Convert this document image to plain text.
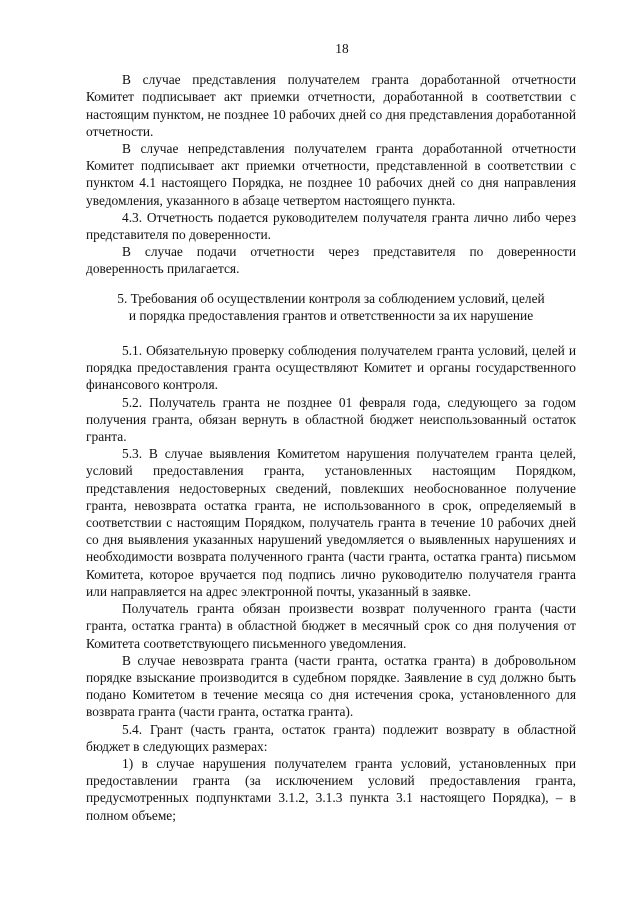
18

В случае представления получателем гранта доработанной отчетности Комитет подписывает акт приемки отчетности, доработанной в соответствии с настоящим пунктом, не позднее 10 рабочих дней со дня представления доработанной отчетности.

В случае непредставления получателем гранта доработанной отчетности Комитет подписывает акт приемки отчетности, представленной в соответствии с пунктом 4.1 настоящего Порядка, не позднее 10 рабочих дней со дня направления уведомления, указанного в абзаце четвертом настоящего пункта.

4.3. Отчетность подается руководителем получателя гранта лично либо через представителя по доверенности.

В случае подачи отчетности через представителя по доверенности доверенность прилагается.

5. Требования об осуществлении контроля за соблюдением условий, целей
и порядка предоставления грантов и ответственности за их нарушение

5.1. Обязательную проверку соблюдения получателем гранта условий, целей и порядка предоставления гранта осуществляют Комитет и органы государственного финансового контроля.

5.2. Получатель гранта не позднее 01 февраля года, следующего за годом получения гранта, обязан вернуть в областной бюджет неиспользованный остаток гранта.

5.3. В случае выявления Комитетом нарушения получателем гранта целей, условий предоставления гранта, установленных настоящим Порядком, представления недостоверных сведений, повлекших необоснованное получение гранта, невозврата остатка гранта, не использованного в срок, определяемый в соответствии с настоящим Порядком, получатель гранта в течение 10 рабочих дней со дня выявления указанных нарушений уведомляется о выявленных нарушениях и необходимости возврата полученного гранта (части гранта, остатка гранта) письмом Комитета, которое вручается под подпись лично руководителю получателя гранта или направляется на адрес электронной почты, указанный в заявке.

Получатель гранта обязан произвести возврат полученного гранта (части гранта, остатка гранта) в областной бюджет в месячный срок со дня получения от Комитета соответствующего письменного уведомления.

В случае невозврата гранта (части гранта, остатка гранта) в добровольном порядке взыскание производится в судебном порядке. Заявление в суд должно быть подано Комитетом в течение месяца со дня истечения срока, установленного для возврата гранта (части гранта, остатка гранта).

5.4. Грант (часть гранта, остаток гранта) подлежит возврату в областной бюджет в следующих размерах:

1) в случае нарушения получателем гранта условий, установленных при предоставлении гранта (за исключением условий предоставления гранта, предусмотренных подпунктами 3.1.2, 3.1.3 пункта 3.1 настоящего Порядка), – в полном объеме;
